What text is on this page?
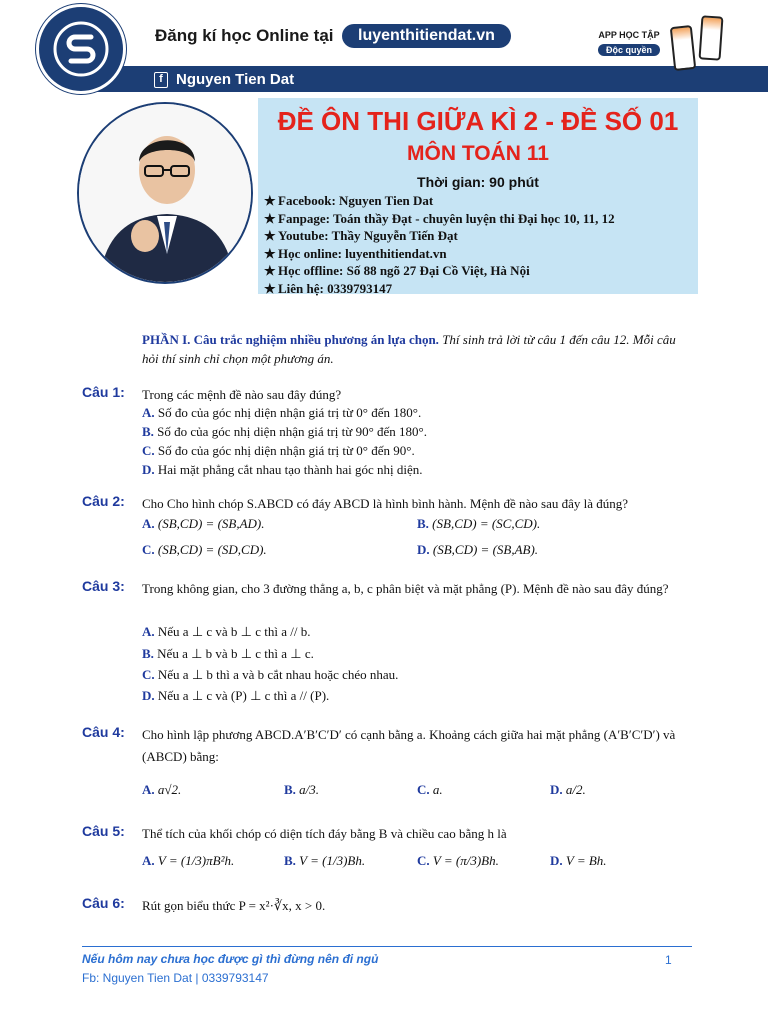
Đăng kí học Online tại	luyenthitiendat.vn
f Nguyen Tien Dat
APP HỌC TẬP
Độc quyền
ĐỀ ÔN THI GIỮA KÌ 2 - ĐỀ SỐ 01
MÔN TOÁN 11
Thời gian: 90 phút
★ Facebook: Nguyen Tien Dat
★ Fanpage: Toán thầy Đạt - chuyên luyện thi Đại học 10, 11, 12
★ Youtube: Thầy Nguyễn Tiến Đạt
★ Học online: luyenthitiendat.vn
★ Học offline: Số 88 ngõ 27 Đại Cồ Việt, Hà Nội
★ Liên hệ: 0339793147
PHẦN I. Câu trắc nghiệm nhiều phương án lựa chọn. Thí sinh trả lời từ câu 1 đến câu 12. Mỗi câu hỏi thí sinh chỉ chọn một phương án.
Câu 1: Trong các mệnh đề nào sau đây đúng?
A. Số đo của góc nhị diện nhận giá trị từ 0° đến 180°.
B. Số đo của góc nhị diện nhận giá trị từ 90° đến 180°.
C. Số đo của góc nhị diện nhận giá trị từ 0° đến 90°.
D. Hai mặt phẳng cắt nhau tạo thành hai góc nhị diện.
Câu 2: Cho Cho hình chóp S.ABCD có đáy ABCD là hình bình hành. Mệnh đề nào sau đây là đúng?
A. (SB,CD) = (SB,AD).	B. (SB,CD) = (SC,CD).
C. (SB,CD) = (SD,CD).	D. (SB,CD) = (SB,AB).
Câu 3: Trong không gian, cho 3 đường thẳng a, b, c phân biệt và mặt phẳng (P). Mệnh đề nào sau đây đúng?
A. Nếu a ⊥ c và b ⊥ c thì a // b.
B. Nếu a ⊥ b và b ⊥ c thì a ⊥ c.
C. Nếu a ⊥ b thì a và b cắt nhau hoặc chéo nhau.
D. Nếu a ⊥ c và (P) ⊥ c thì a // (P).
Câu 4: Cho hình lập phương ABCD.A′B′C′D′ có cạnh bằng a. Khoảng cách giữa hai mặt phẳng (A′B′C′D′) và (ABCD) bằng:
A. a√2.	B. a/3.	C. a.	D. a/2.
Câu 5: Thể tích của khối chóp có diện tích đáy bằng B và chiều cao bằng h là
A. V = (1/3)πB²h.	B. V = (1/3)Bh.	C. V = (π/3)Bh.	D. V = Bh.
Câu 6: Rút gọn biểu thức P = x²·∛x, x > 0.
Nếu hôm nay chưa học được gì thì đừng nên đi ngủ
Fb: Nguyen Tien Dat | 0339793147
1
